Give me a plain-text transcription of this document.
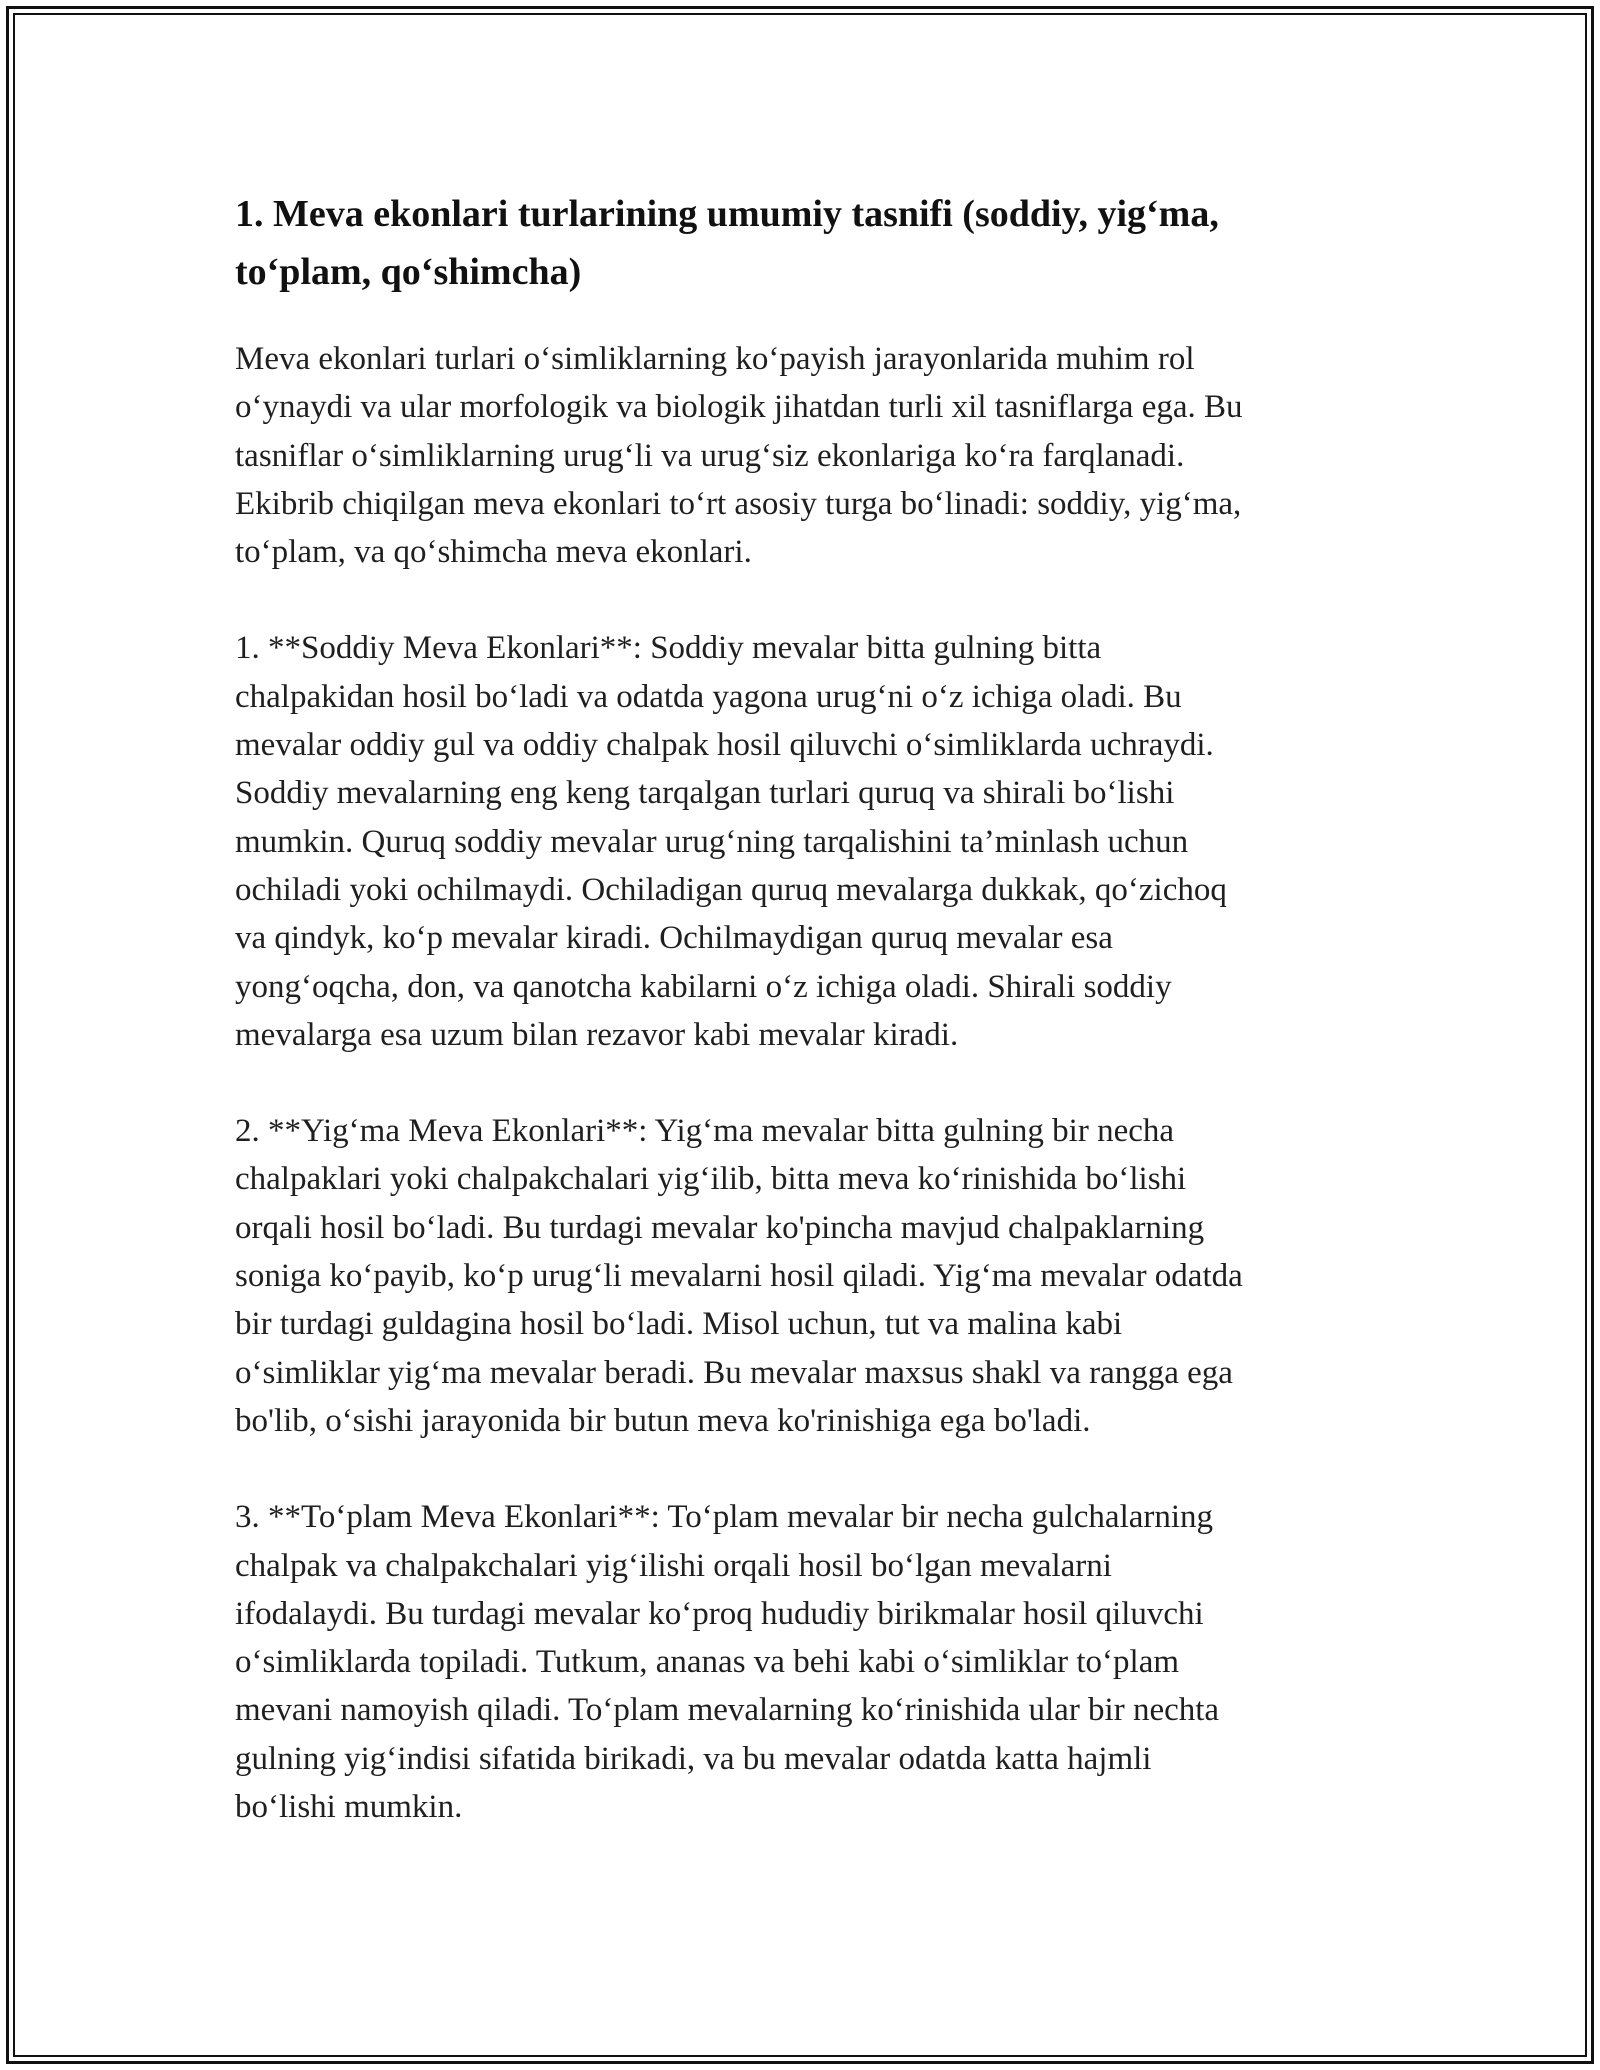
1. Meva ekonlari turlarining umumiy tasnifi (soddiy, yig‘ma,
to‘plam, qo‘shimcha)

Meva ekonlari turlari o‘simliklarning ko‘payish jarayonlarida muhim rol
o‘ynaydi va ular morfologik va biologik jihatdan turli xil tasniflarga ega. Bu
tasniflar o‘simliklarning urug‘li va urug‘siz ekonlariga ko‘ra farqlanadi.
Ekibrib chiqilgan meva ekonlari to‘rt asosiy turga bo‘linadi: soddiy, yig‘ma,
to‘plam, va qo‘shimcha meva ekonlari.

1. **Soddiy Meva Ekonlari**: Soddiy mevalar bitta gulning bitta
chalpakidan hosil bo‘ladi va odatda yagona urug‘ni o‘z ichiga oladi. Bu
mevalar oddiy gul va oddiy chalpak hosil qiluvchi o‘simliklarda uchraydi.
Soddiy mevalarning eng keng tarqalgan turlari quruq va shirali bo‘lishi
mumkin. Quruq soddiy mevalar urug‘ning tarqalishini ta’minlash uchun
ochiladi yoki ochilmaydi. Ochiladigan quruq mevalarga dukkak, qo‘zichoq
va qindyk, ko‘p mevalar kiradi. Ochilmaydigan quruq mevalar esa
yong‘oqcha, don, va qanotcha kabilarni o‘z ichiga oladi. Shirali soddiy
mevalarga esa uzum bilan rezavor kabi mevalar kiradi.

2. **Yig‘ma Meva Ekonlari**: Yig‘ma mevalar bitta gulning bir necha
chalpaklari yoki chalpakchalari yig‘ilib, bitta meva ko‘rinishida bo‘lishi
orqali hosil bo‘ladi. Bu turdagi mevalar ko'pincha mavjud chalpaklarning
soniga ko‘payib, ko‘p urug‘li mevalarni hosil qiladi. Yig‘ma mevalar odatda
bir turdagi guldagina hosil bo‘ladi. Misol uchun, tut va malina kabi
o‘simliklar yig‘ma mevalar beradi. Bu mevalar maxsus shakl va rangga ega
bo'lib, o‘sishi jarayonida bir butun meva ko'rinishiga ega bo'ladi.

3. **To‘plam Meva Ekonlari**: To‘plam mevalar bir necha gulchalarning
chalpak va chalpakchalari yig‘ilishi orqali hosil bo‘lgan mevalarni
ifodalaydi. Bu turdagi mevalar ko‘proq hududiy birikmalar hosil qiluvchi
o‘simliklarda topiladi. Tutkum, ananas va behi kabi o‘simliklar to‘plam
mevani namoyish qiladi. To‘plam mevalarning ko‘rinishida ular bir nechta
gulning yig‘indisi sifatida birikadi, va bu mevalar odatda katta hajmli
bo‘lishi mumkin.
